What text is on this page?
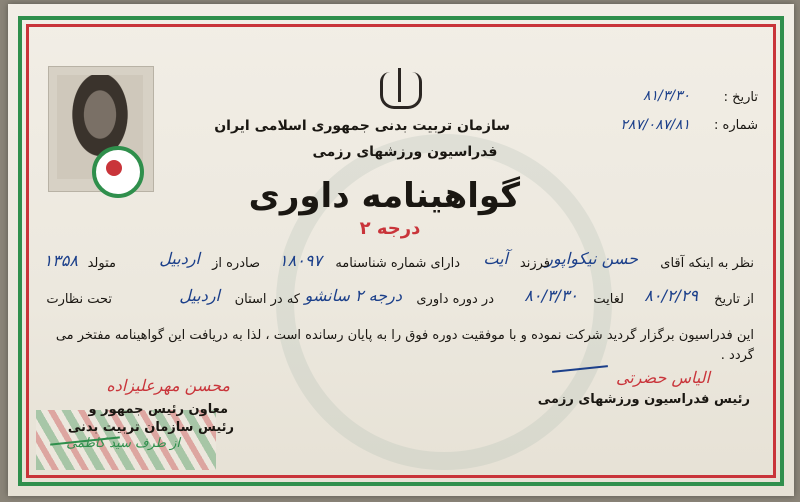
سازمان تربیت بدنی جمهوری اسلامی ایران
فدراسیون ورزشهای رزمی
گواهینامه داوری
درجه ۲
تاریخ :
۸۱/۳/۳۰
شماره :
۲۸۷/۰۸۷/۸۱
نظر به اینکه آقای
حسن نیکواپور
فرزند
آیت
دارای شماره شناسنامه
۱۸۰۹۷
صادره از
اردبیل
متولد
۱۳۵۸
از تاریخ
۸۰/۲/۲۹
لغایت
۸۰/۳/۳۰
در دوره داوری
درجه ۲ سانشو
که در استان
اردبیل
تحت نظارت
این فدراسیون برگزار گردید شرکت نموده و با موفقیت دوره فوق را به پایان رسانده است ، لذا به دریافت این گواهینامه مفتخر می گردد .
الیاس حضرتی
رئیس فدراسیون ورزشهای رزمی
محسن مهرعلیزاده
معاون رئیس جمهور و
رئیس سازمان تربیت بدنی
از طرف سید کاظمی
